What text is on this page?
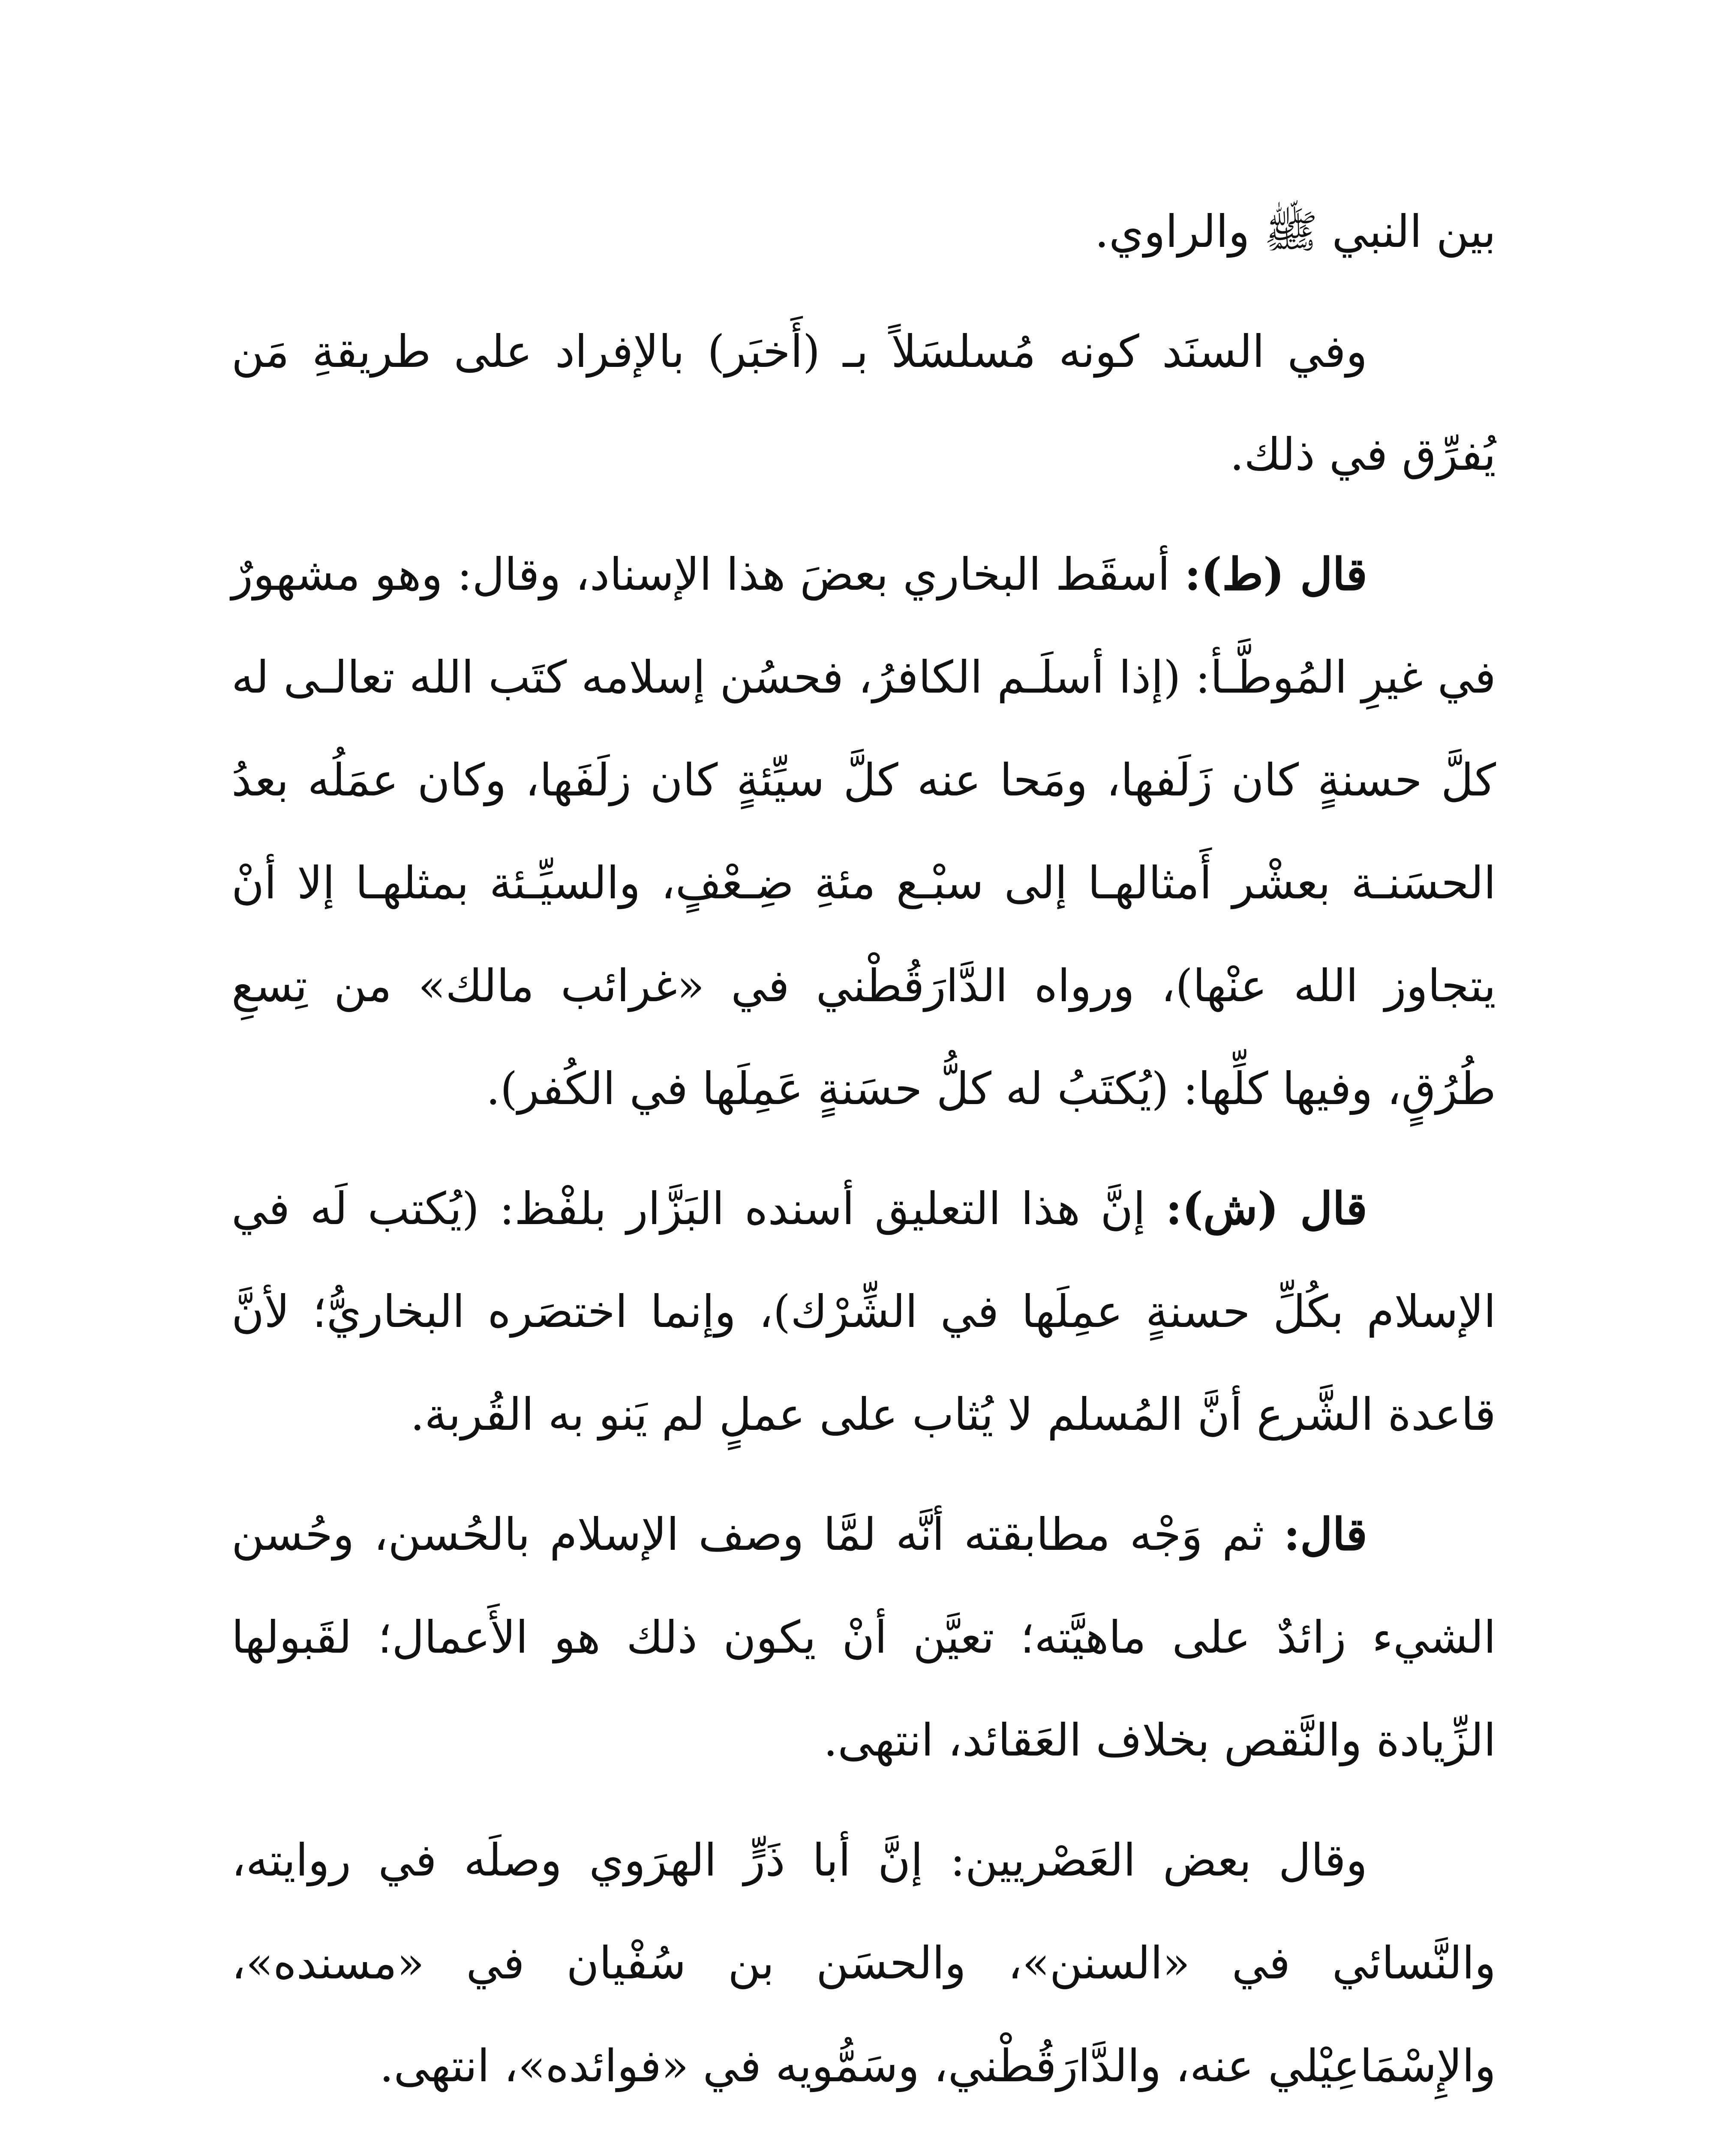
بين النبي ﷺ والراوي.

وفي السنَد كونه مُسلسَلاً بـ (أَخبَر) بالإفراد على طريقةِ مَن يُفرِّق في ذلك.

قال (ط): أسقَط البخاري بعضَ هذا الإسناد، وقال: وهو مشهورٌ في غيرِ المُوطَّـأ: (إذا أسلَـم الكافرُ، فحسُن إسلامه كتَب الله تعالـى له كلَّ حسنةٍ كان زَلَفها، ومَحا عنه كلَّ سيِّئةٍ كان زلَفَها، وكان عمَلُه بعدُ الحسَنـة بعشْر أَمثالهـا إلى سبْـع مئةِ ضِـعْفٍ، والسيِّـئة بمثلهـا إلا أنْ يتجاوز الله عنْها)، ورواه الدَّارَقُطْني في «غرائب مالك» من تِسعِ طُرُقٍ، وفيها كلِّها: (يُكتَبُ له كلُّ حسَنةٍ عَمِلَها في الكُفر).

قال (ش): إنَّ هذا التعليق أسنده البَزَّار بلفْظ: (يُكتب لَه في الإسلام بكُلِّ حسنةٍ عمِلَها في الشِّرْك)، وإنما اختصَره البخاريُّ؛ لأنَّ قاعدة الشَّرع أنَّ المُسلم لا يُثاب على عملٍ لم يَنو به القُربة.

قال: ثم وَجْه مطابقته أنَّه لمَّا وصف الإسلام بالحُسن، وحُسن الشيء زائدٌ على ماهيَّته؛ تعيَّن أنْ يكون ذلك هو الأَعمال؛ لقَبولها الزِّيادة والنَّقص بخلاف العَقائد، انتهى.

وقال بعض العَصْريين: إنَّ أبا ذَرٍّ الهرَوي وصلَه في روايته، والنَّسائي في «السنن»، والحسَن بن سُفْيان في «مسنده»، والإِسْمَاعِيْلي عنه، والدَّارَقُطْني، وسَمُّويه في «فوائده»، انتهى.
